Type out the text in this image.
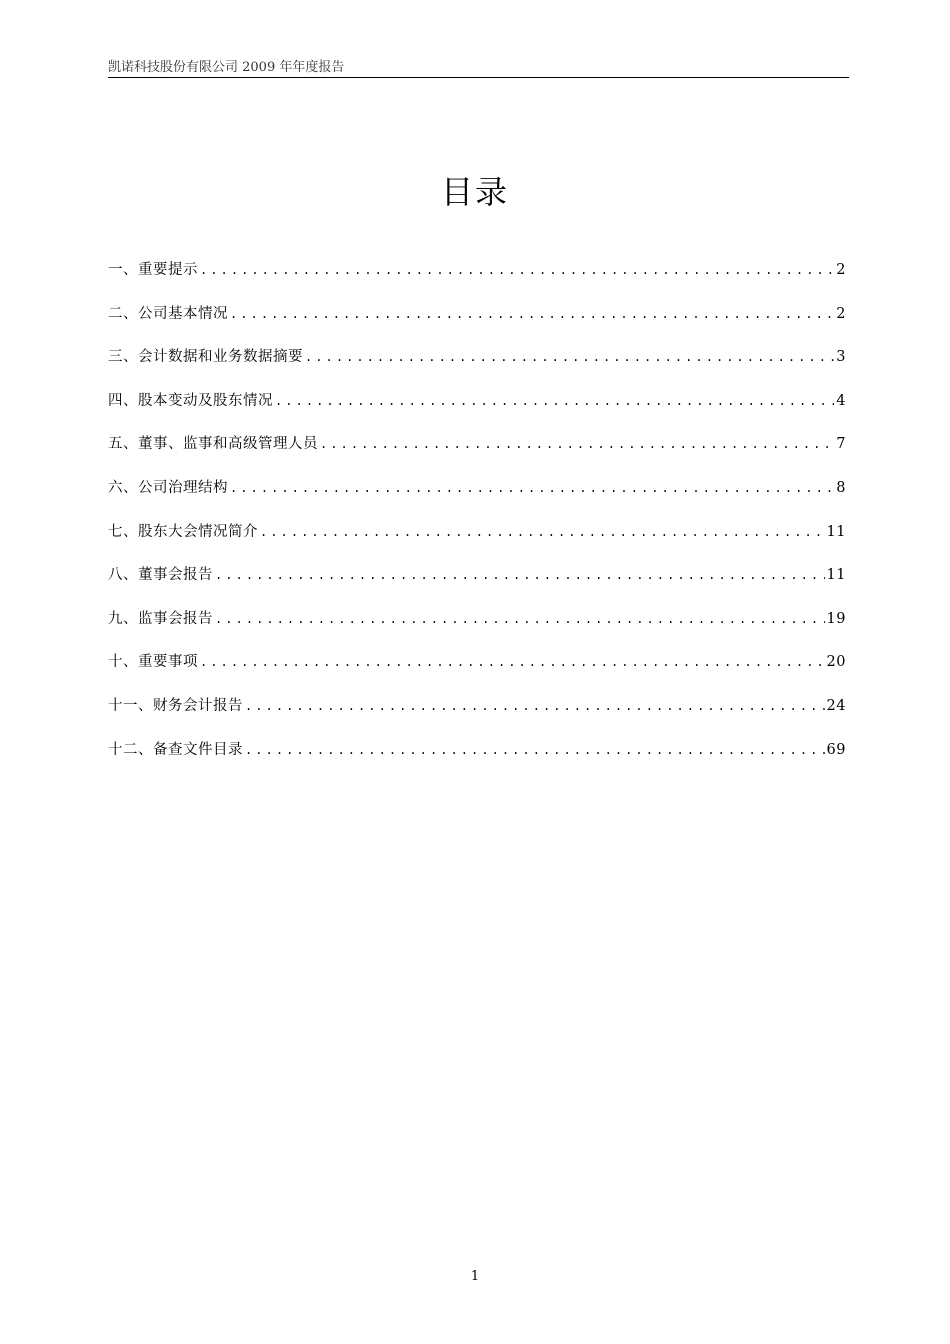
凯诺科技股份有限公司 2009 年年度报告
目录
一、重要提示 .....	2
二、公司基本情况 .....	2
三、会计数据和业务数据摘要 .....	3
四、股本变动及股东情况 .....	4
五、董事、监事和高级管理人员 .....	7
六、公司治理结构 .....	8
七、股东大会情况简介 .....	11
八、董事会报告 .....	11
九、监事会报告 .....	19
十、重要事项 .....	20
十一、财务会计报告 .....	24
十二、备查文件目录 .....	69
1
